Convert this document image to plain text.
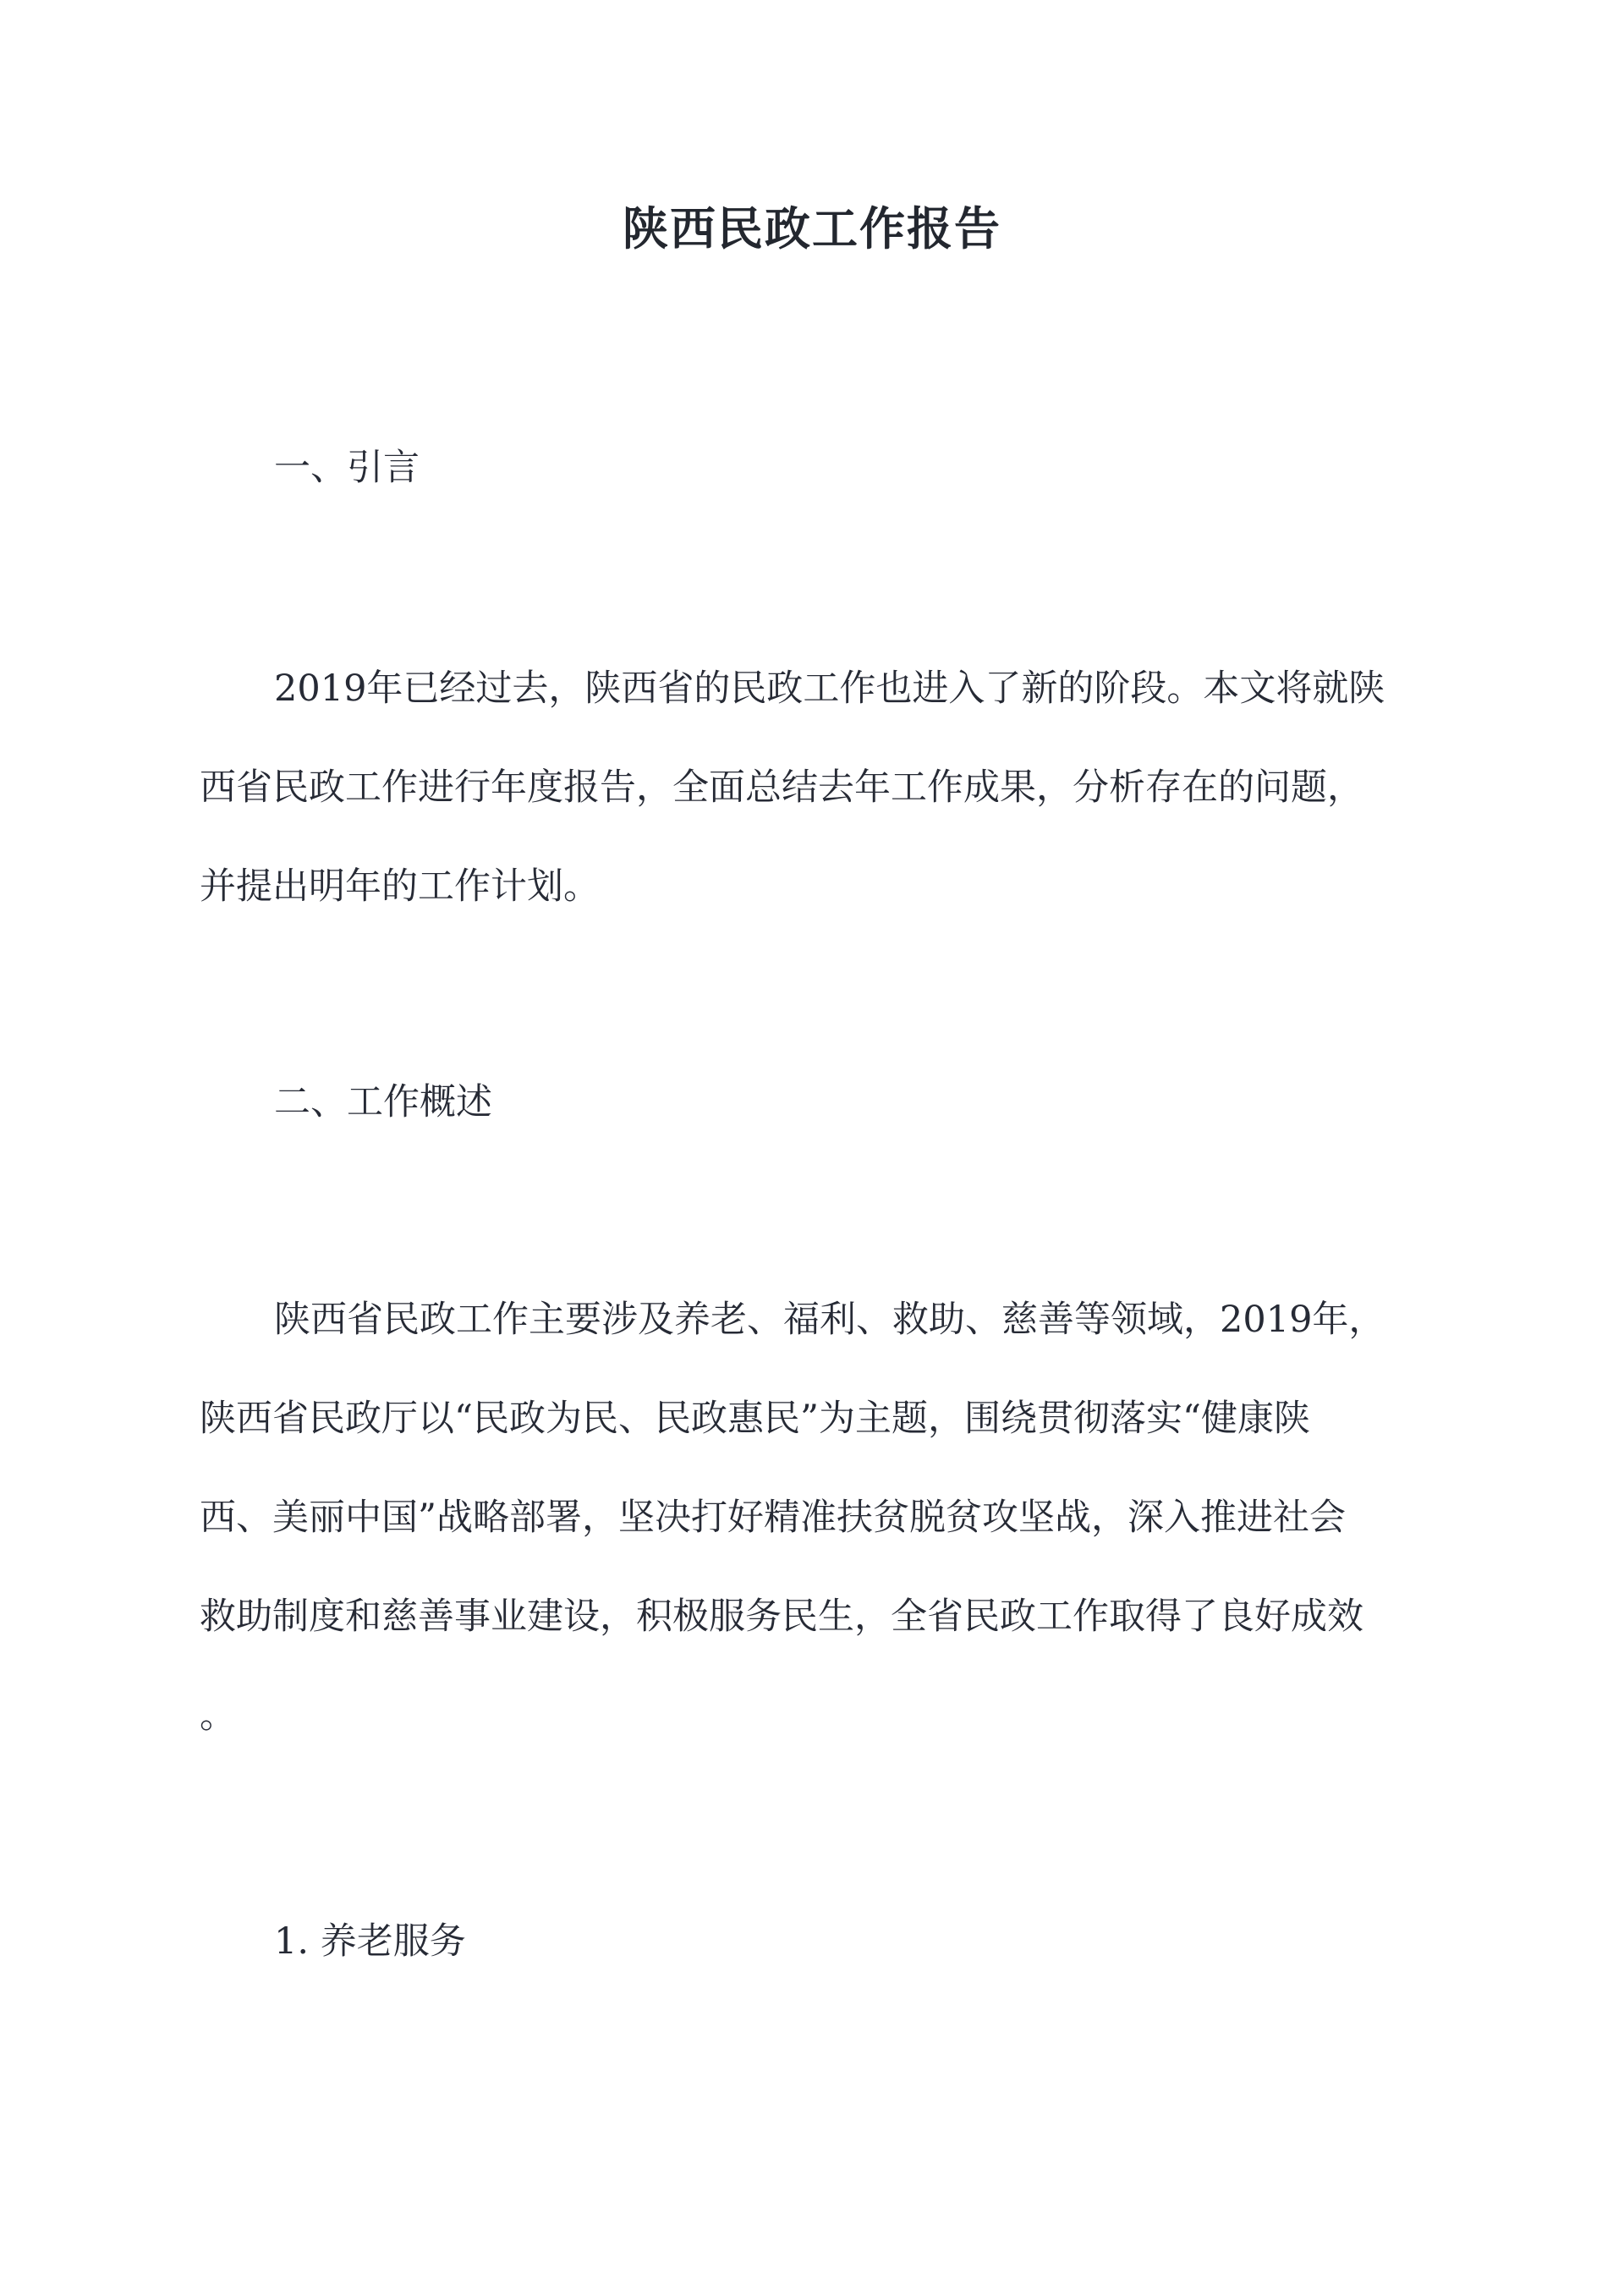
陕西民政工作报告
一、引言
2019年已经过去，陕西省的民政工作也进入了新的阶段。本文将就陕
西省民政工作进行年度报告，全面总结去年工作成果，分析存在的问题，
并提出明年的工作计划。
二、工作概述
陕西省民政工作主要涉及养老、福利、救助、慈善等领域，2019年，
陕西省民政厅以“民政为民、民政惠民”为主题，围绕贯彻落实“健康陕
西、美丽中国”战略部署，坚决打好精准扶贫脱贫攻坚战，深入推进社会
救助制度和慈善事业建设，积极服务民生，全省民政工作取得了良好成效
。
1. 养老服务
